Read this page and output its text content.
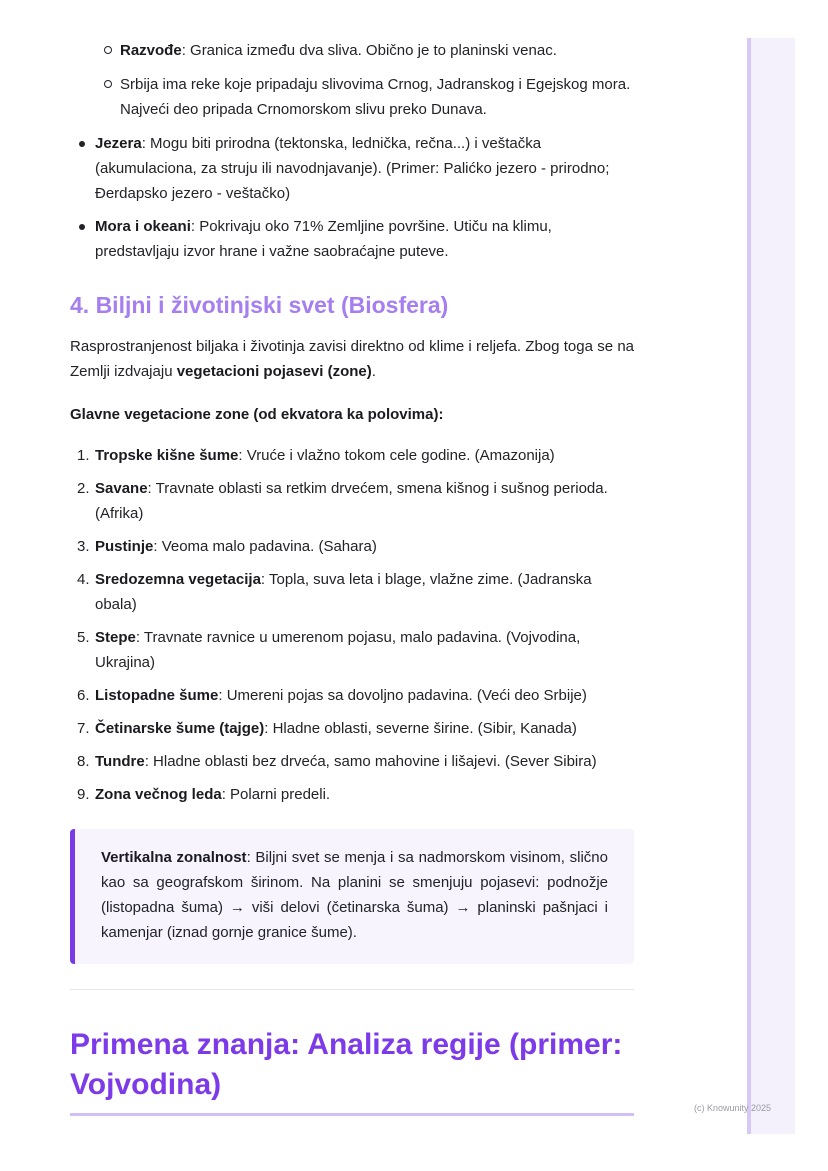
(c) Knowunity 2025
Razvođe: Granica između dva sliva. Obično je to planinski venac.
Srbija ima reke koje pripadaju slivovima Crnog, Jadranskog i Egejskog mora. Najveći deo pripada Crnomorskom slivu preko Dunava.
Jezera: Mogu biti prirodna (tektonska, lednička, rečna...) i veštačka (akumulaciona, za struju ili navodnjavanje). (Primer: Palićko jezero - prirodno; Đerdapsko jezero - veštačko)
Mora i okeani: Pokrivaju oko 71% Zemljine površine. Utiču na klimu, predstavljaju izvor hrane i važne saobraćajne puteve.
4. Biljni i životinjski svet (Biosfera)

Rasprostranjenost biljaka i životinja zavisi direktno od klime i reljefa. Zbog toga se na Zemlji izdvajaju vegetacioni pojasevi (zone).

Glavne vegetacione zone (od ekvatora ka polovima):

1. Tropske kišne šume: Vruće i vlažno tokom cele godine. (Amazonija)
2. Savane: Travnate oblasti sa retkim drvećem, smena kišnog i sušnog perioda. (Afrika)
3. Pustinje: Veoma malo padavina. (Sahara)
4. Sredozemna vegetacija: Topla, suva leta i blage, vlažne zime. (Jadranska obala)
5. Stepe: Travnate ravnice u umerenom pojasu, malo padavina. (Vojvodina, Ukrajina)
6. Listopadne šume: Umereni pojas sa dovoljno padavina. (Veći deo Srbije)
7. Četinarske šume (tajge): Hladne oblasti, severne širine. (Sibir, Kanada)
8. Tundre: Hladne oblasti bez drveća, samo mahovine i lišajevi. (Sever Sibira)
9. Zona večnog leda: Polarni predeli.
Vertikalna zonalnost: Biljni svet se menja i sa nadmorskom visinom, slično kao sa geografskom širinom. Na planini se smenjuju pojasevi: podnožje (listopadna šuma) → viši delovi (četinarska šuma) → planinski pašnjaci i kamenjar (iznad gornje granice šume).
Primena znanja: Analiza regije (primer: Vojvodina)
